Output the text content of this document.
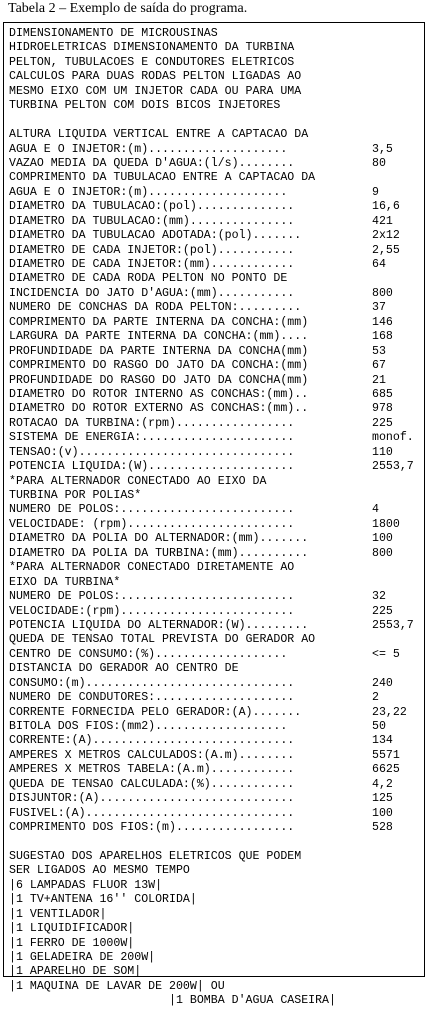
Tabela 2 – Exemplo de saída do programa.
DIMENSIONAMENTO DE MICROUSINAS
HIDROELETRICAS DIMENSIONAMENTO DA TURBINA
PELTON, TUBULACOES E CONDUTORES ELETRICOS
CALCULOS PARA DUAS RODAS PELTON LIGADAS AO
MESMO EIXO COM UM INJETOR CADA OU PARA UMA
TURBINA PELTON COM DOIS BICOS INJETORES
ALTURA LIQUIDA VERTICAL ENTRE A CAPTACAO DA
AGUA E O INJETOR:(m)....................	3,5
VAZAO MEDIA DA QUEDA D'AGUA:(l/s)........	80
COMPRIMENTO DA TUBULACAO ENTRE A CAPTACAO DA
AGUA E O INJETOR:(m)....................	9
DIAMETRO DA TUBULACAO:(pol)..............	16,6
DIAMETRO DA TUBULACAO:(mm)...............	421
DIAMETRO DA TUBULACAO ADOTADA:(pol).......	2x12
DIAMETRO DE CADA INJETOR:(pol)...........	2,55
DIAMETRO DE CADA INJETOR:(mm)............	64
DIAMETRO DE CADA RODA PELTON NO PONTO DE
INCIDENCIA DO JATO D'AGUA:(mm)...........	800
NUMERO DE CONCHAS DA RODA PELTON:.........	37
COMPRIMENTO DA PARTE INTERNA DA CONCHA:(mm)	146
LARGURA DA PARTE INTERNA DA CONCHA:(mm)....	168
PROFUNDIDADE DA PARTE INTERNA DA CONCHA(mm)	53
COMPRIMENTO DO RASGO DO JATO DA CONCHA:(mm)	67
PROFUNDIDADE DO RASGO DO JATO DA CONCHA(mm)	21
DIAMETRO DO ROTOR INTERNO AS CONCHAS:(mm)..	685
DIAMETRO DO ROTOR EXTERNO AS CONCHAS:(mm)..	978
ROTACAO DA TURBINA:(rpm).................	225
SISTEMA DE ENERGIA:......................	monof.
TENSAO:(v)...............................	110
POTENCIA LIQUIDA:(W).....................	2553,7
*PARA ALTERNADOR CONECTADO AO EIXO DA
TURBINA POR POLIAS*
NUMERO DE POLOS:.........................	4
VELOCIDADE: (rpm)........................	1800
DIAMETRO DA POLIA DO ALTERNADOR:(mm).......	100
DIAMETRO DA POLIA DA TURBINA:(mm)..........	800
*PARA ALTERNADOR CONECTADO DIRETAMENTE AO
EIXO DA TURBINA*
NUMERO DE POLOS:.........................	32
VELOCIDADE:(rpm).........................	225
POTENCIA LIQUIDA DO ALTERNADOR:(W).........	2553,7
QUEDA DE TENSAO TOTAL PREVISTA DO GERADOR AO
CENTRO DE CONSUMO:(%)...................	<= 5
DISTANCIA DO GERADOR AO CENTRO DE
CONSUMO:(m)..............................	240
NUMERO DE CONDUTORES:....................	2
CORRENTE FORNECIDA PELO GERADOR:(A).......	23,22
BITOLA DOS FIOS:(mm2)...................	50
CORRENTE:(A).............................	134
AMPERES X METROS CALCULADOS:(A.m)........	5571
AMPERES X METROS TABELA:(A.m)............	6625
QUEDA DE TENSAO CALCULADA:(%)............	4,2
DISJUNTOR:(A)............................	125
FUSIVEL:(A)..............................	100
COMPRIMENTO DOS FIOS:(m).................	528
SUGESTAO DOS APARELHOS ELETRICOS QUE PODEM
SER LIGADOS AO MESMO TEMPO
|6 LAMPADAS FLUOR 13W|
|1 TV+ANTENA 16'' COLORIDA|
|1 VENTILADOR|
|1 LIQUIDIFICADOR|
|1 FERRO DE 1000W|
|1 GELADEIRA DE 200W|
|1 APARELHO DE SOM|
|1 MAQUINA DE LAVAR DE 200W| OU
|1 BOMBA D'AGUA CASEIRA|
